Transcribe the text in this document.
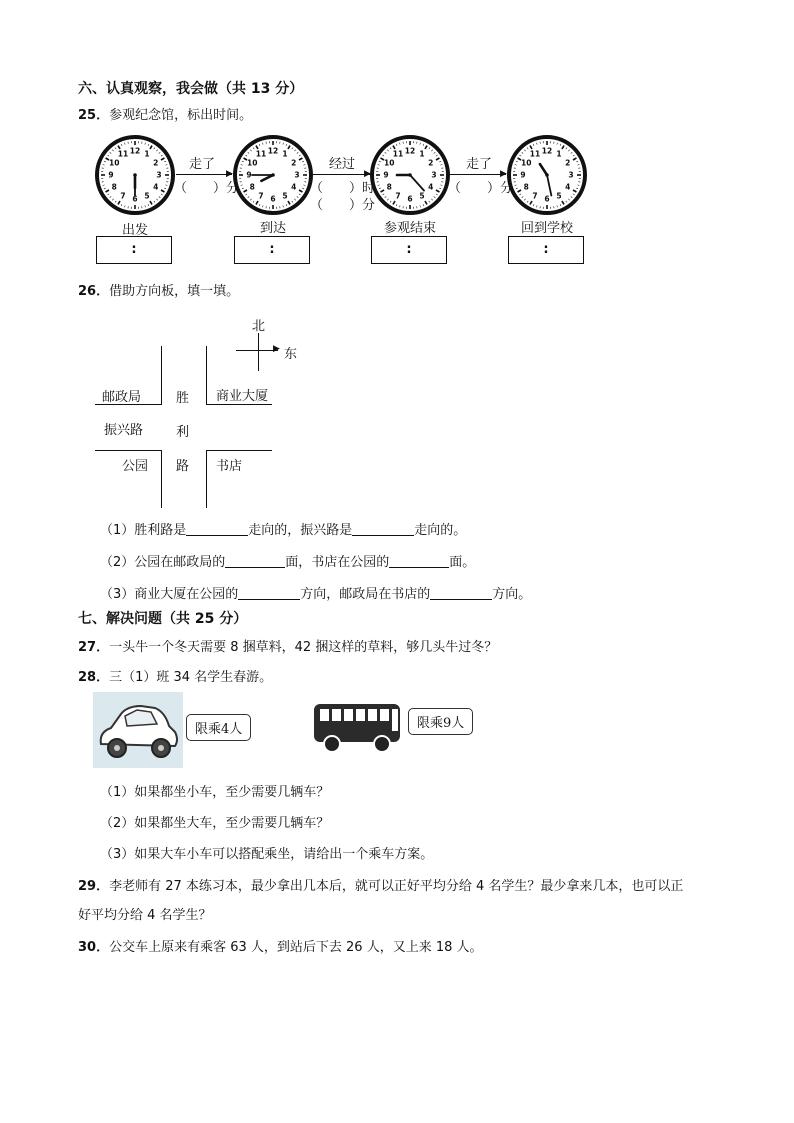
六、认真观察，我会做（共 13 分）
25．参观纪念馆，标出时间。
12 1
2
3
4
5
6
7
8
9
10
11	12 1
2
3
4
5
6
7
8
9
10
11	12 1
2
3
4
5
6
7
8
9
10
11	12 1
2
3
4
5
6
7
8
9
10
11
走了
▶
（　　）分
经过
▶
（　　）时
（　　）分
走了
▶
（　　）分
出发	到达	参观结束	回到学校
:	:	:	:
26．借助方向板，填一填。
北
▶ 东
邮政局	商业大厦
振兴路
公园	书店
胜
利
路
（1）胜利路是	走向的，振兴路是	走向的。
（2）公园在邮政局的	面，书店在公园的	面。
（3）商业大厦在公园的	方向，邮政局在书店的	方向。
七、解决问题（共 25 分）
27．一头牛一个冬天需要 8 捆草料，42 捆这样的草料，够几头牛过冬？
28．三（1）班 34 名学生春游。
限乘4人	限乘9人
（1）如果都坐小车，至少需要几辆车？
（2）如果都坐大车，至少需要几辆车？
（3）如果大车小车可以搭配乘坐，请给出一个乘车方案。
29．李老师有 27 本练习本，最少拿出几本后，就可以正好平均分给 4 名学生？最少拿来几本，也可以正
好平均分给 4 名学生？
30．公交车上原来有乘客 63 人，到站后下去 26 人，又上来 18 人。
